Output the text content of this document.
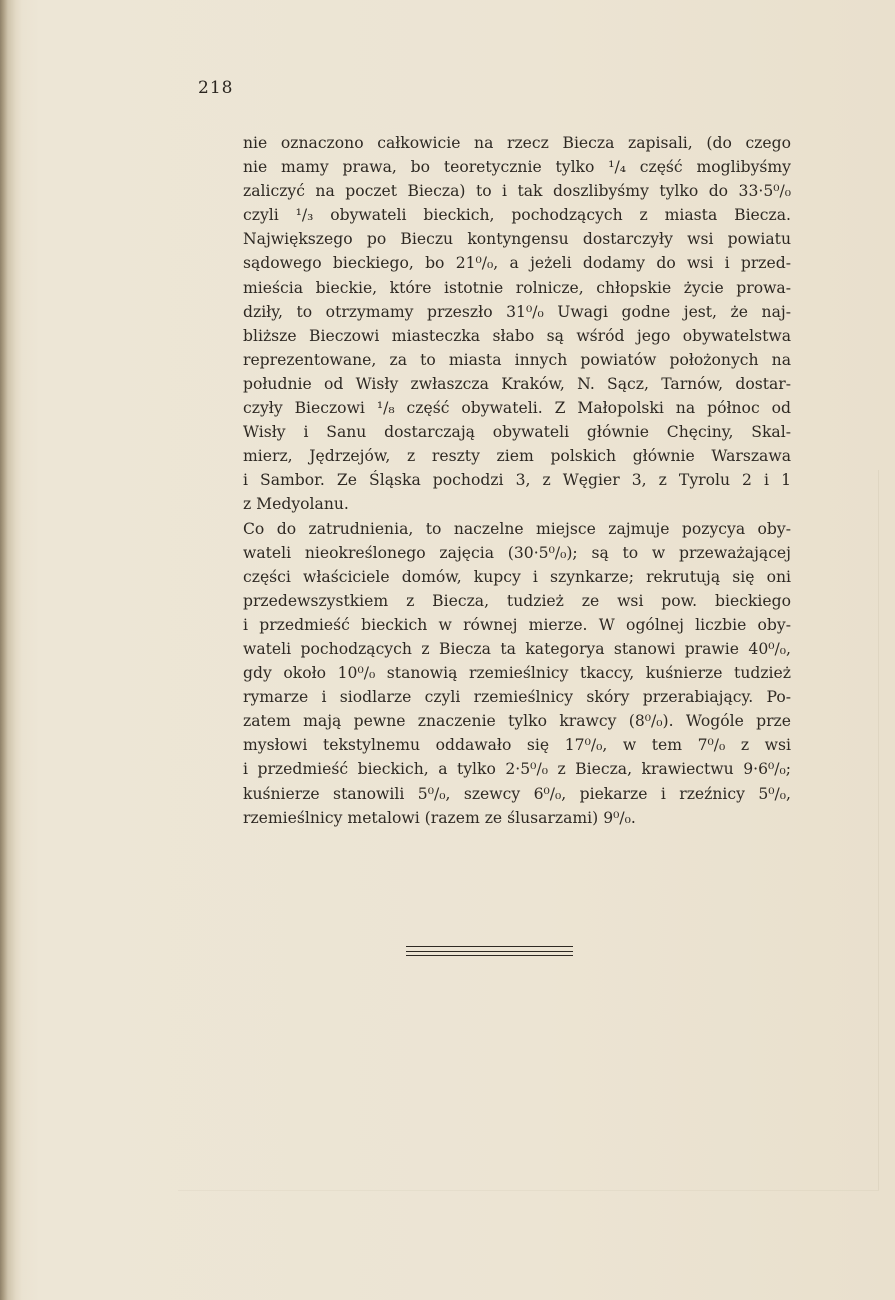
218
nie oznaczono całkowicie na rzecz Biecza zapisali, (do czego
nie mamy prawa, bo teoretycznie tylko ¹/₄ część moglibyśmy
zaliczyć na poczet Biecza) to i tak doszlibyśmy tylko do 33·5⁰/₀
czyli ¹/₃ obywateli bieckich, pochodzących z miasta Biecza.
Największego po Bieczu kontyngensu dostarczyły wsi powiatu
sądowego bieckiego, bo 21⁰/₀, a jeżeli dodamy do wsi i przed-
mieścia bieckie, które istotnie rolnicze, chłopskie życie prowa-
dziły, to otrzymamy przeszło 31⁰/₀ Uwagi godne jest, że naj-
bliższe Bieczowi miasteczka słabo są wśród jego obywatelstwa
reprezentowane, za to miasta innych powiatów położonych na
południe od Wisły zwłaszcza Kraków, N. Sącz, Tarnów, dostar-
czyły Bieczowi ¹/₈ część obywateli. Z Małopolski na północ od
Wisły i Sanu dostarczają obywateli głównie Chęciny, Skal-
mierz, Jędrzejów, z reszty ziem polskich głównie Warszawa
i Sambor. Ze Śląska pochodzi 3, z Węgier 3, z Tyrolu 2 i 1
z Medyolanu.
Co do zatrudnienia, to naczelne miejsce zajmuje pozycya oby-
wateli nieokreślonego zajęcia (30·5⁰/₀); są to w przeważającej
części właściciele domów, kupcy i szynkarze; rekrutują się oni
przedewszystkiem z Biecza, tudzież ze wsi pow. bieckiego
i przedmieść bieckich w równej mierze. W ogólnej liczbie oby-
wateli pochodzących z Biecza ta kategorya stanowi prawie 40⁰/₀,
gdy około 10⁰/₀ stanowią rzemieślnicy tkaccy, kuśnierze tudzież
rymarze i siodlarze czyli rzemieślnicy skóry przerabiający. Po-
zatem mają pewne znaczenie tylko krawcy (8⁰/₀). Wogóle prze
mysłowi tekstylnemu oddawało się 17⁰/₀, w tem 7⁰/₀ z wsi
i przedmieść bieckich, a tylko 2·5⁰/₀ z Biecza, krawiectwu 9·6⁰/₀;
kuśnierze stanowili 5⁰/₀, szewcy 6⁰/₀, piekarze i rzeźnicy 5⁰/₀,
rzemieślnicy metalowi (razem ze ślusarzami) 9⁰/₀.
